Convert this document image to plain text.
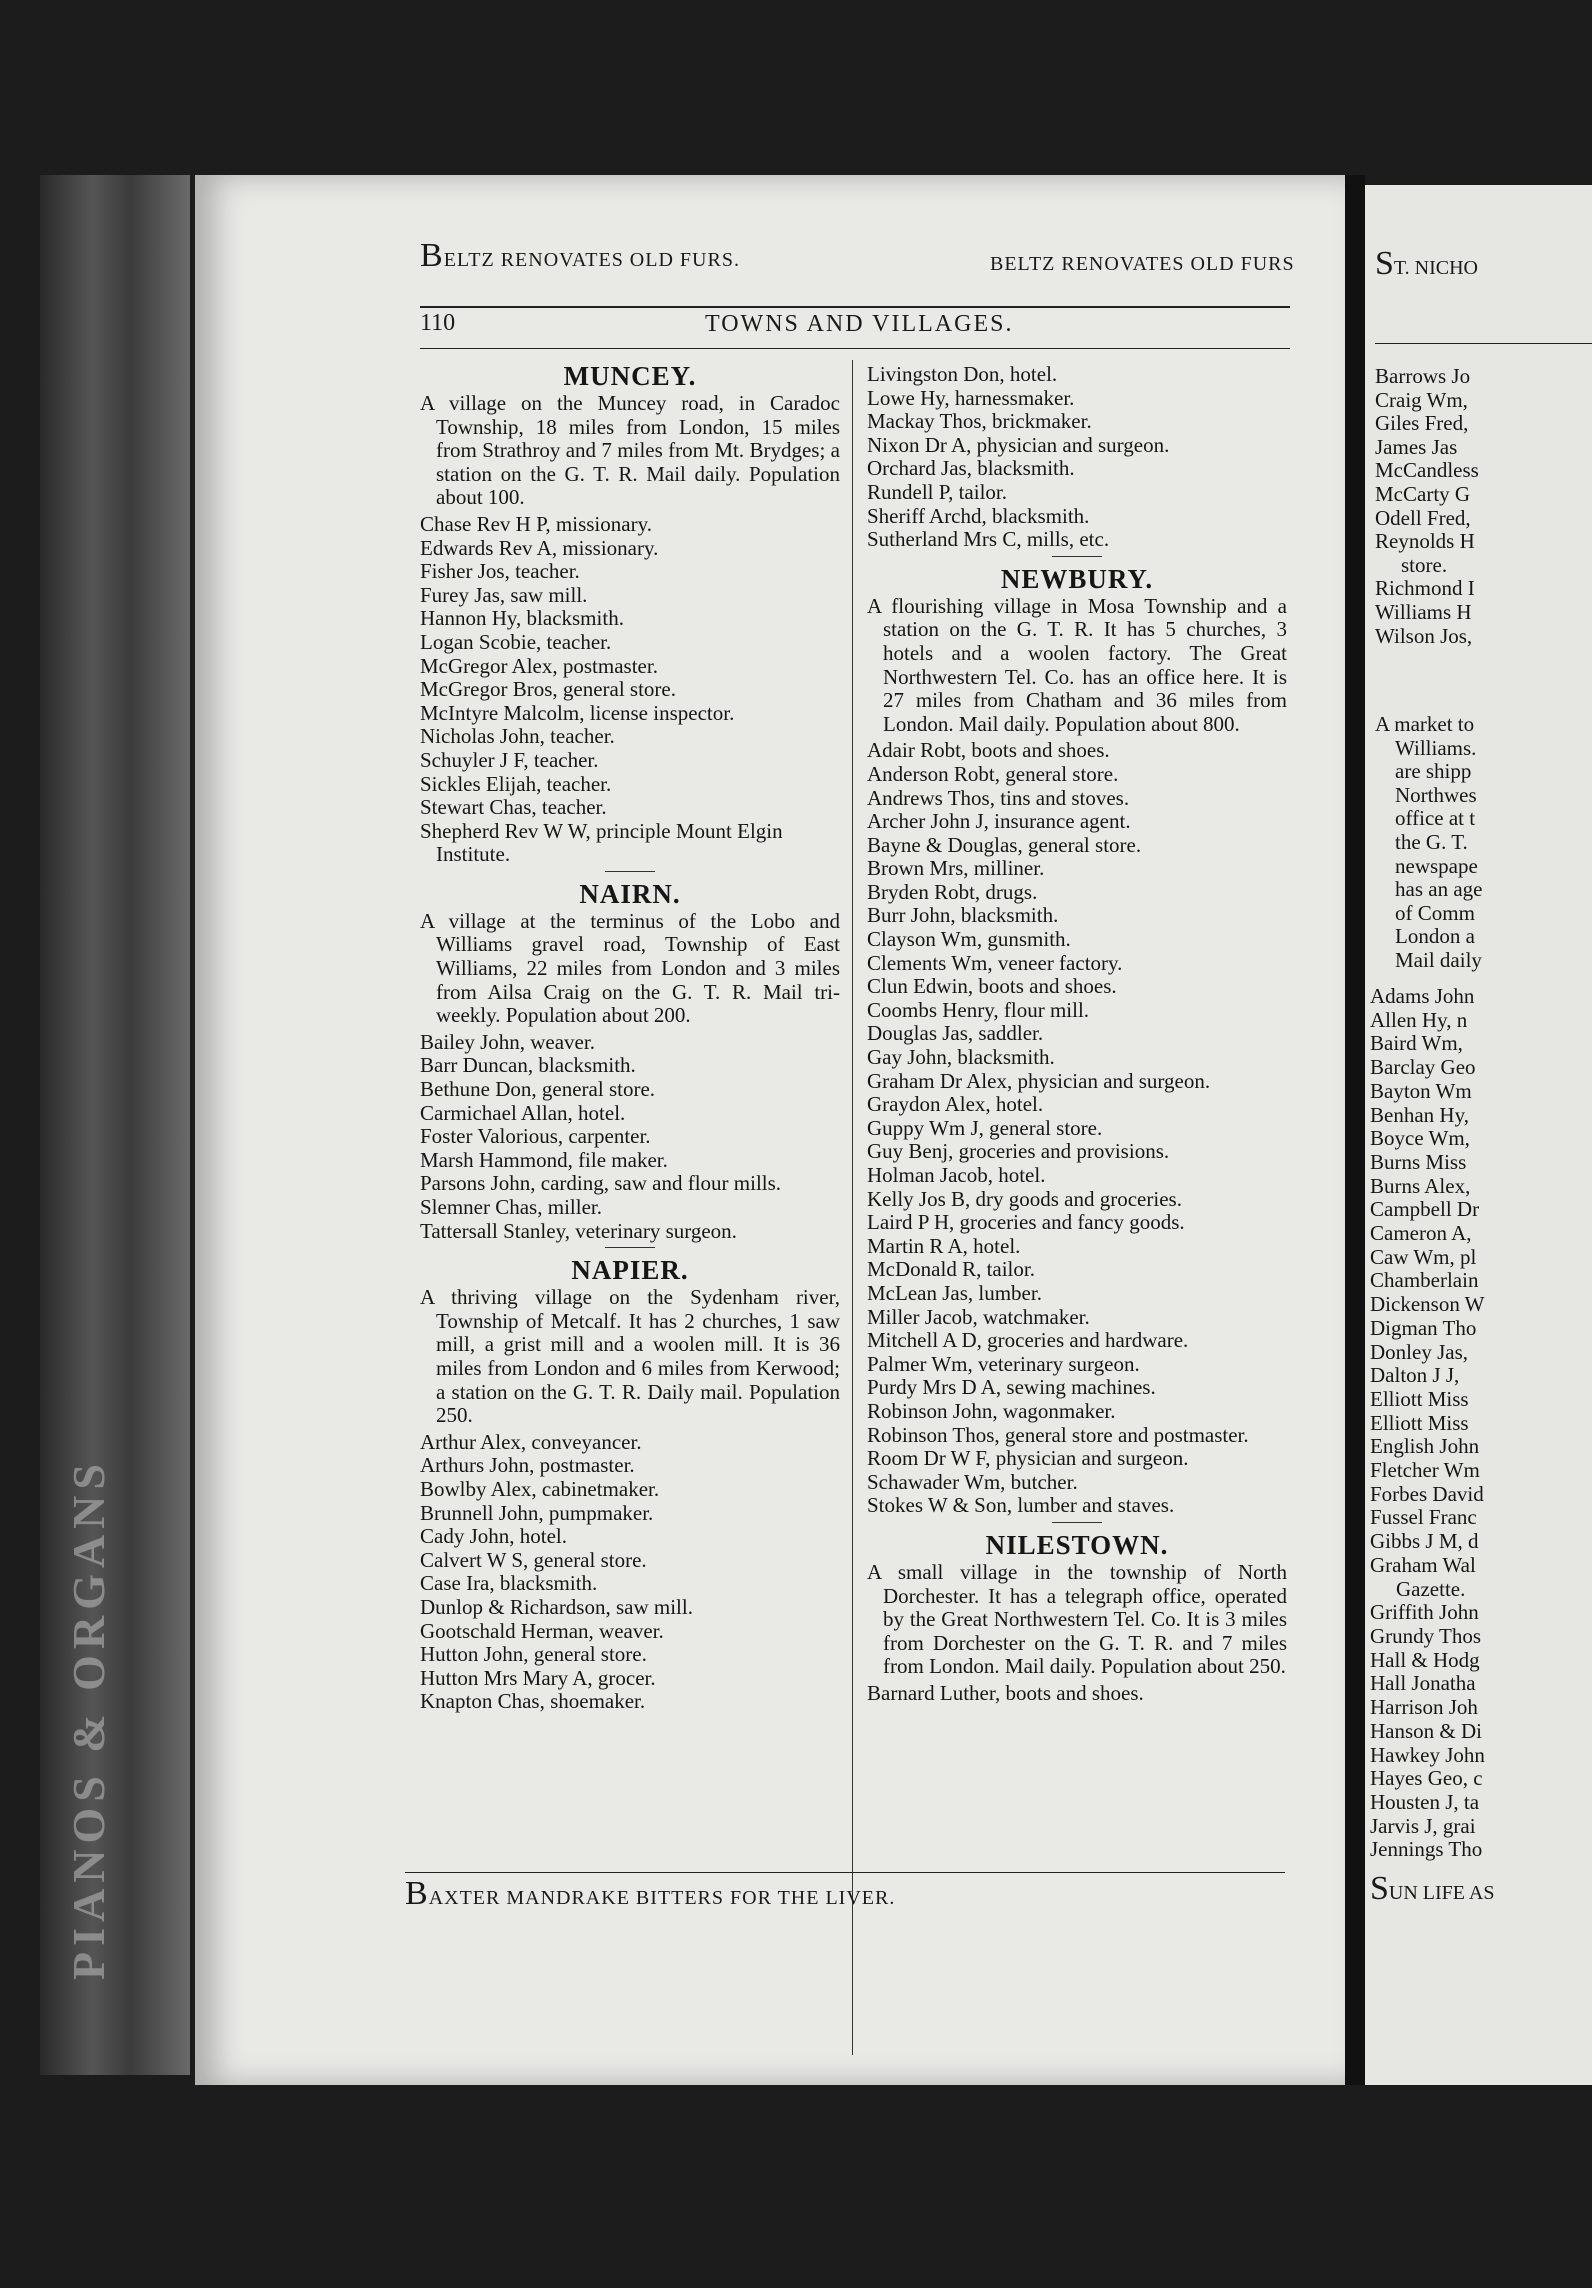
PIANOS & ORGANS
BELTZ RENOVATES OLD FURS.	BELTZ RENOVATES OLD FURS
110	TOWNS AND VILLAGES.
MUNCEY.

A village on the Muncey road, in Caradoc Township, 18 miles from London, 15 miles from Strathroy and 7 miles from Mt. Brydges; a station on the G. T. R. Mail daily. Population about 100.

Chase Rev H P, missionary.

Edwards Rev A, missionary.

Fisher Jos, teacher.

Furey Jas, saw mill.

Hannon Hy, blacksmith.

Logan Scobie, teacher.

McGregor Alex, postmaster.

McGregor Bros, general store.

McIntyre Malcolm, license inspector.

Nicholas John, teacher.

Schuyler J F, teacher.

Sickles Elijah, teacher.

Stewart Chas, teacher.

Shepherd Rev W W, principle Mount Elgin Institute.

NAIRN.

A village at the terminus of the Lobo and Williams gravel road, Township of East Williams, 22 miles from London and 3 miles from Ailsa Craig on the G. T. R. Mail tri-weekly. Population about 200.

Bailey John, weaver.

Barr Duncan, blacksmith.

Bethune Don, general store.

Carmichael Allan, hotel.

Foster Valorious, carpenter.

Marsh Hammond, file maker.

Parsons John, carding, saw and flour mills.

Slemner Chas, miller.

Tattersall Stanley, veterinary surgeon.

NAPIER.

A thriving village on the Sydenham river, Township of Metcalf. It has 2 churches, 1 saw mill, a grist mill and a woolen mill. It is 36 miles from London and 6 miles from Kerwood; a station on the G. T. R. Daily mail. Population 250.

Arthur Alex, conveyancer.

Arthurs John, postmaster.

Bowlby Alex, cabinetmaker.

Brunnell John, pumpmaker.

Cady John, hotel.

Calvert W S, general store.

Case Ira, blacksmith.

Dunlop & Richardson, saw mill.

Gootschald Herman, weaver.

Hutton John, general store.

Hutton Mrs Mary A, grocer.

Knapton Chas, shoemaker.

Livingston Don, hotel.

Lowe Hy, harnessmaker.

Mackay Thos, brickmaker.

Nixon Dr A, physician and surgeon.

Orchard Jas, blacksmith.

Rundell P, tailor.

Sheriff Archd, blacksmith.

Sutherland Mrs C, mills, etc.

NEWBURY.

A flourishing village in Mosa Township and a station on the G. T. R. It has 5 churches, 3 hotels and a woolen factory. The Great Northwestern Tel. Co. has an office here. It is 27 miles from Chatham and 36 miles from London. Mail daily. Population about 800.

Adair Robt, boots and shoes.

Anderson Robt, general store.

Andrews Thos, tins and stoves.

Archer John J, insurance agent.

Bayne & Douglas, general store.

Brown Mrs, milliner.

Bryden Robt, drugs.

Burr John, blacksmith.

Clayson Wm, gunsmith.

Clements Wm, veneer factory.

Clun Edwin, boots and shoes.

Coombs Henry, flour mill.

Douglas Jas, saddler.

Gay John, blacksmith.

Graham Dr Alex, physician and surgeon.

Graydon Alex, hotel.

Guppy Wm J, general store.

Guy Benj, groceries and provisions.

Holman Jacob, hotel.

Kelly Jos B, dry goods and groceries.

Laird P H, groceries and fancy goods.

Martin R A, hotel.

McDonald R, tailor.

McLean Jas, lumber.

Miller Jacob, watchmaker.

Mitchell A D, groceries and hardware.

Palmer Wm, veterinary surgeon.

Purdy Mrs D A, sewing machines.

Robinson John, wagonmaker.

Robinson Thos, general store and postmaster.

Room Dr W F, physician and surgeon.

Schawader Wm, butcher.

Stokes W & Son, lumber and staves.

NILESTOWN.

A small village in the township of North Dorchester. It has a telegraph office, operated by the Great Northwestern Tel. Co. It is 3 miles from Dorchester on the G. T. R. and 7 miles from London. Mail daily. Population about 250.

Barnard Luther, boots and shoes.

BAXTER MANDRAKE BITTERS FOR THE LIVER.
ST. NICHO
Barrows Jo
Craig Wm,
Giles Fred,
James Jas
McCandless
McCarty G
Odell Fred,
Reynolds H
store.
Richmond I
Williams H
Wilson Jos,
A market to
Williams.
are shipp
Northwes
office at t
the G. T.
newspape
has an age
of Comm
London a
Mail daily
Adams John
Allen Hy, n
Baird Wm,
Barclay Geo
Bayton Wm
Benhan Hy,
Boyce Wm,
Burns Miss
Burns Alex,
Campbell Dr
Cameron A,
Caw Wm, pl
Chamberlain
Dickenson W
Digman Tho
Donley Jas,
Dalton J J,
Elliott Miss
Elliott Miss
English John
Fletcher Wm
Forbes David
Fussel Franc
Gibbs J M, d
Graham Wal
Gazette.
Griffith John
Grundy Thos
Hall & Hodg
Hall Jonatha
Harrison Joh
Hanson & Di
Hawkey John
Hayes Geo, c
Housten J, ta
Jarvis J, grai
Jennings Tho
SUN LIFE AS
